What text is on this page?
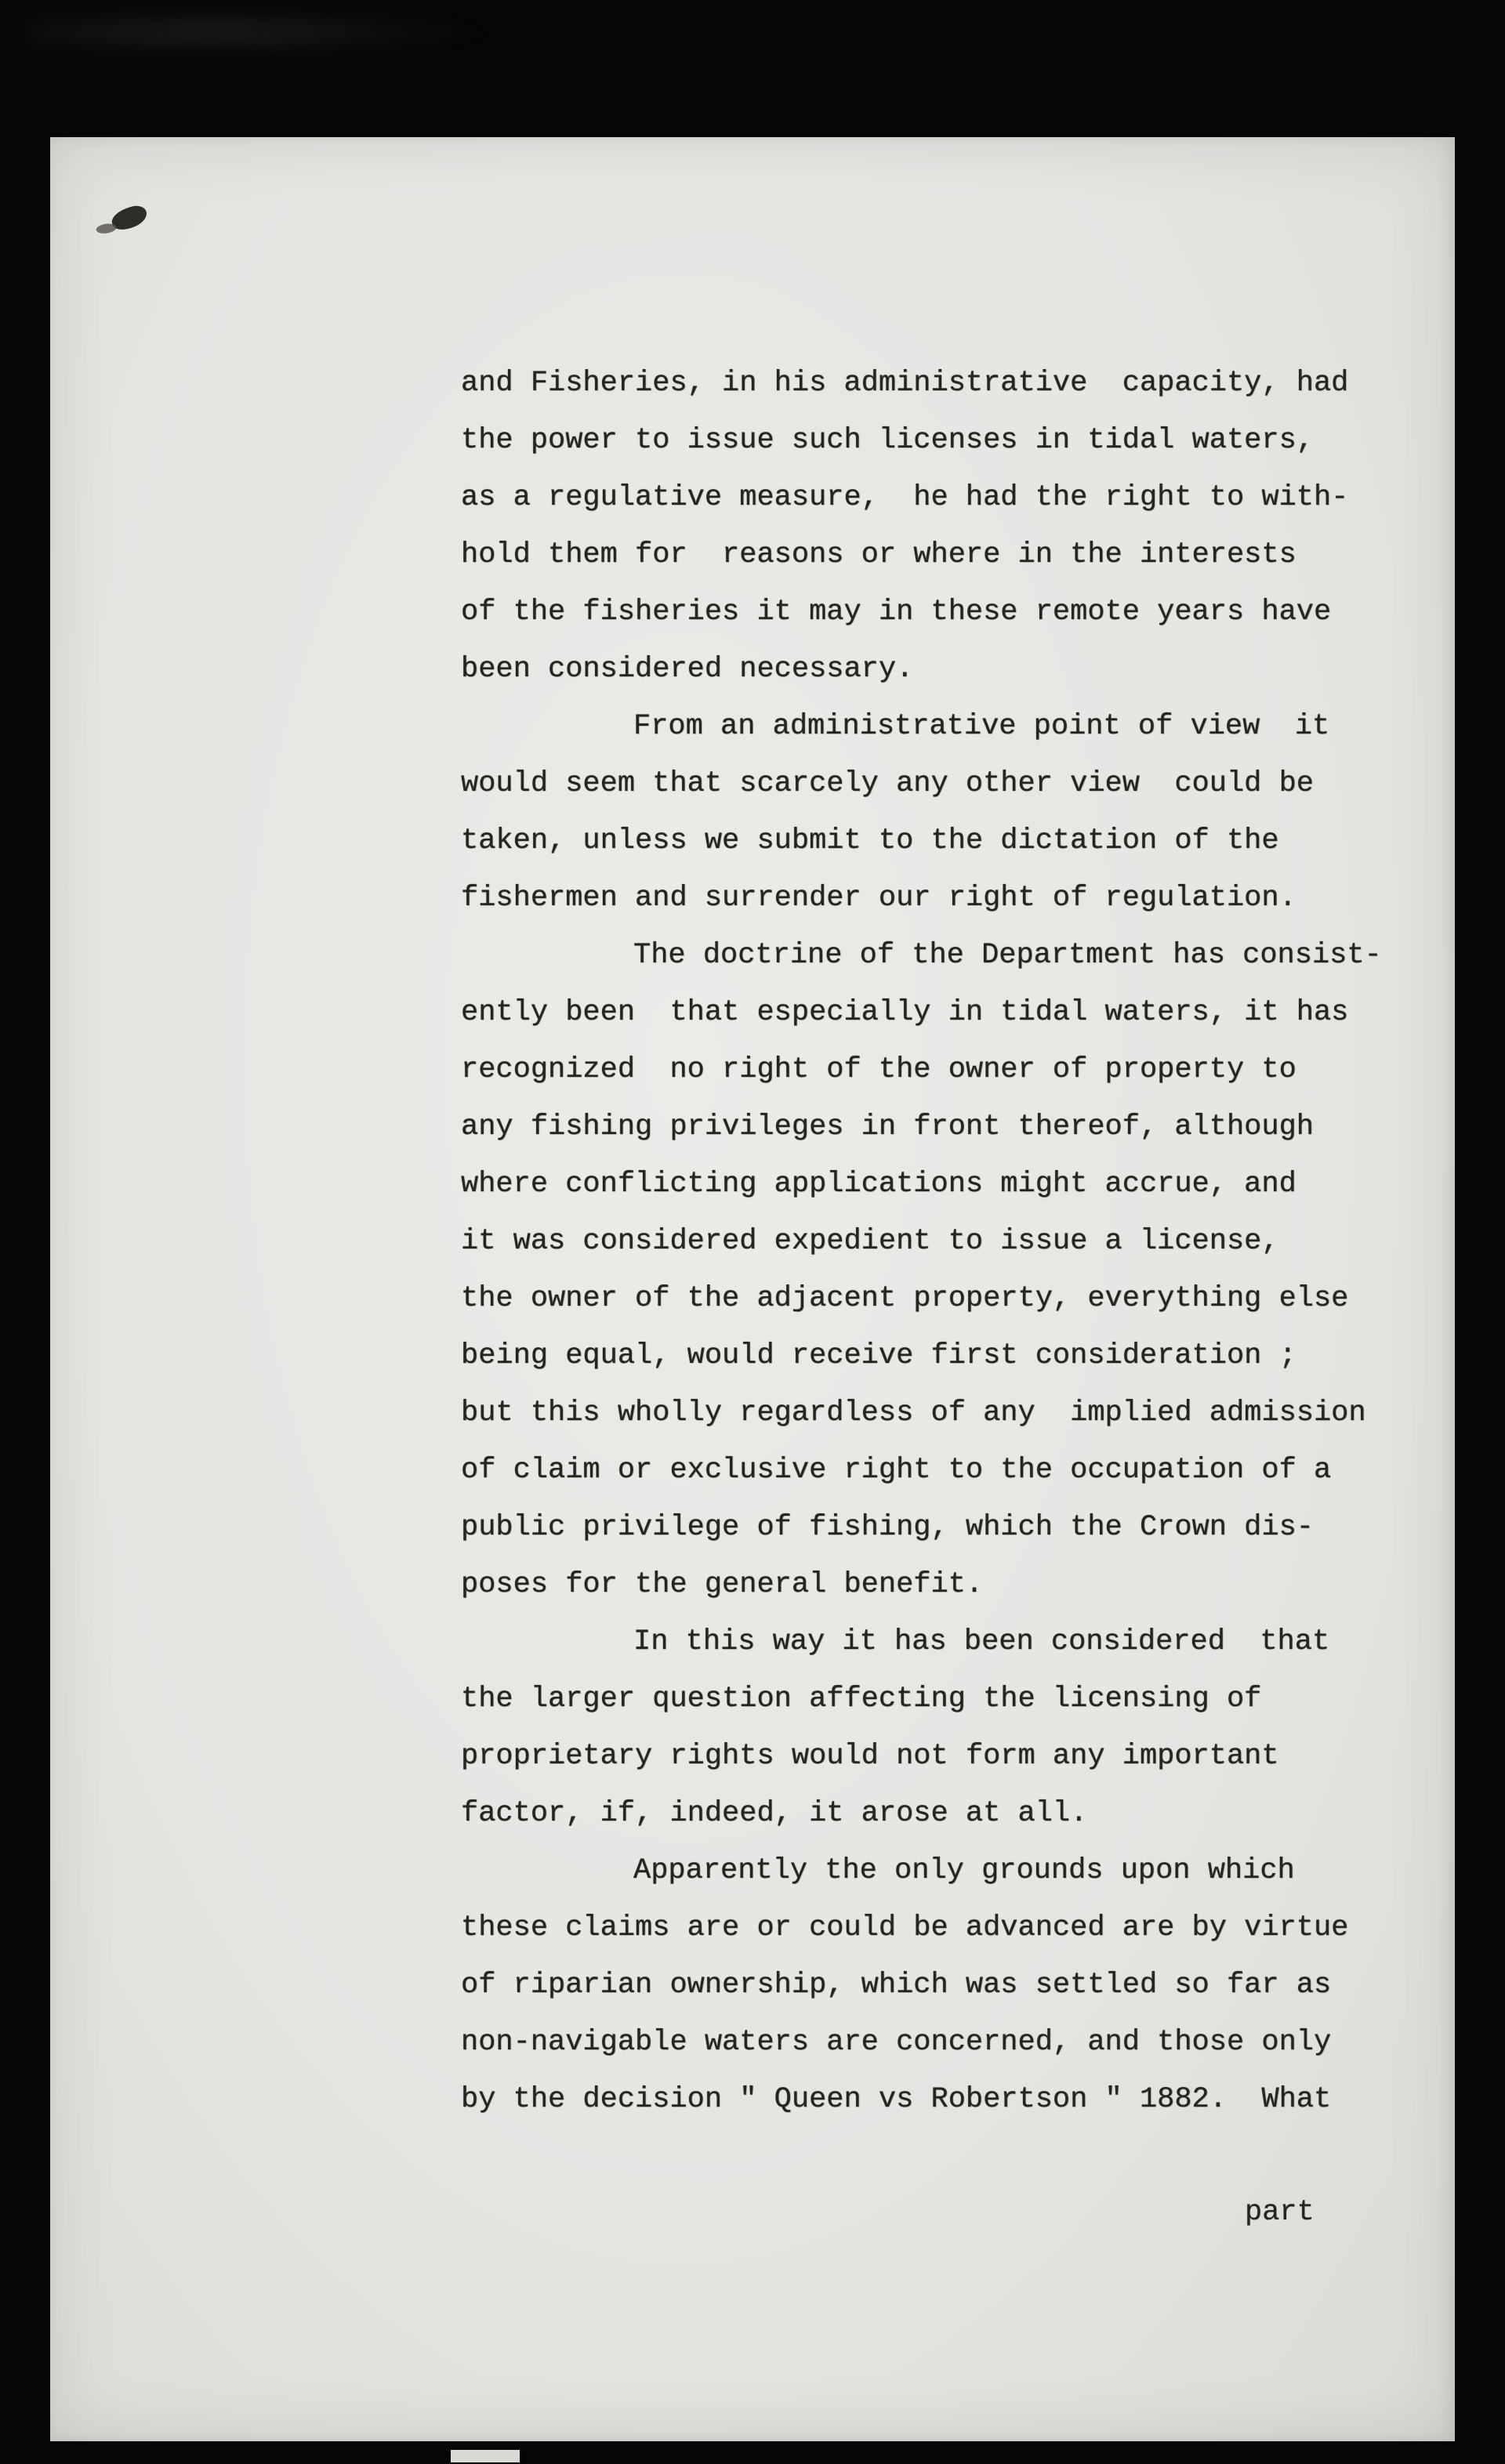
and Fisheries, in his administrative  capacity, had
the power to issue such licenses in tidal waters,
as a regulative measure,  he had the right to with-
hold them for  reasons or where in the interests
of the fisheries it may in these remote years have
been considered necessary.
From an administrative point of view  it
would seem that scarcely any other view  could be
taken, unless we submit to the dictation of the
fishermen and surrender our right of regulation.
The doctrine of the Department has consist-
ently been  that especially in tidal waters, it has
recognized  no right of the owner of property to
any fishing privileges in front thereof, although
where conflicting applications might accrue, and
it was considered expedient to issue a license,
the owner of the adjacent property, everything else
being equal, would receive first consideration ;
but this wholly regardless of any  implied admission
of claim or exclusive right to the occupation of a
public privilege of fishing, which the Crown dis-
poses for the general benefit.
In this way it has been considered  that
the larger question affecting the licensing of
proprietary rights would not form any important
factor, if, indeed, it arose at all.
Apparently the only grounds upon which
these claims are or could be advanced are by virtue
of riparian ownership, which was settled so far as
non-navigable waters are concerned, and those only
by the decision " Queen vs Robertson " 1882.  What
part
